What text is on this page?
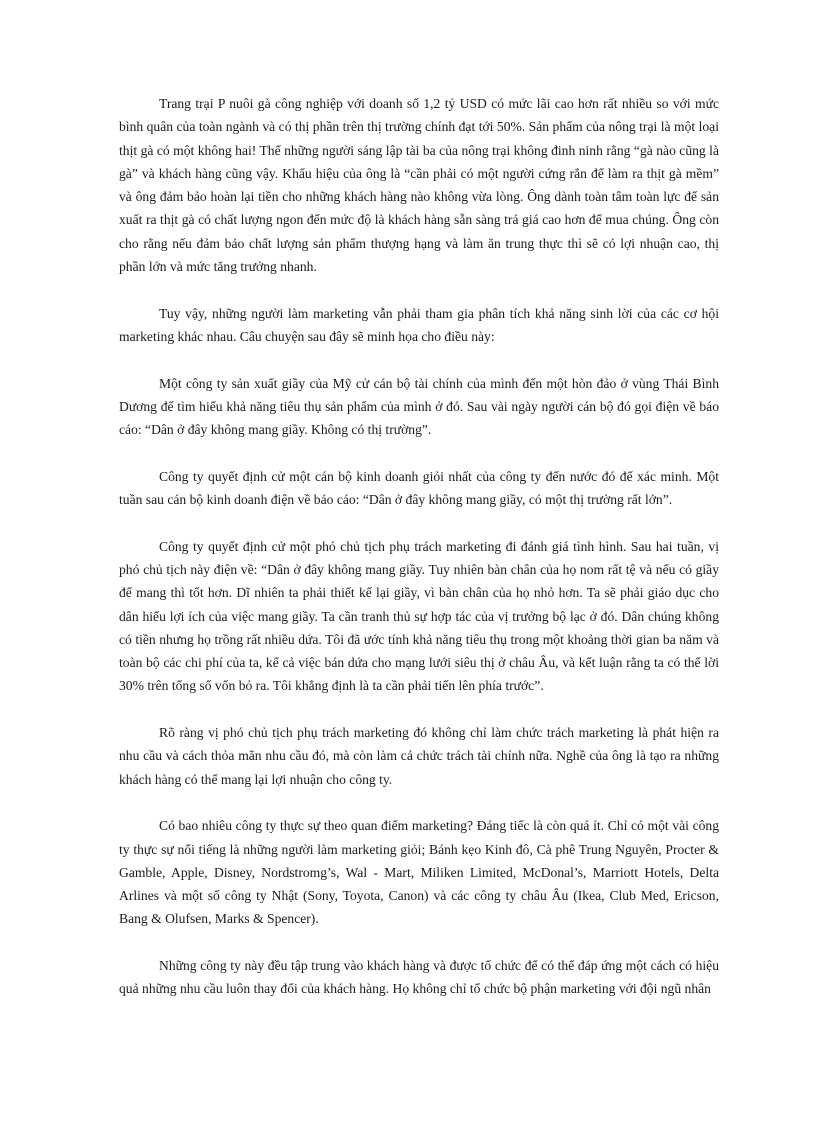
Trang trại P nuôi gà công nghiệp với doanh số 1,2 tỷ USD có mức lãi cao hơn rất nhiều so với mức bình quân của toàn ngành và có thị phần trên thị trường chính đạt tới 50%. Sản phẩm của nông trại là một loại thịt gà có một không hai! Thế những người sáng lập tài ba của nông trại không đinh ninh rằng “gà nào cũng là gà” và khách hàng cũng vậy. Khẩu hiệu của ông là “cần phải có một người cứng rắn để làm ra thịt gà mềm” và ông đảm bảo hoàn lại tiền cho những khách hàng nào không vừa lòng. Ông dành toàn tâm toàn lực để sản xuất ra thịt gà có chất lượng ngon đến mức độ là khách hàng sẵn sàng trả giá cao hơn để mua chúng. Ông còn cho rằng nếu đảm bảo chất lượng sản phẩm thượng hạng và làm ăn trung thực thì sẽ có lợi nhuận cao, thị phần lớn và mức tăng trưởng nhanh.

Tuy vậy, những người làm marketing vẫn phải tham gia phân tích khả năng sinh lời của các cơ hội marketing khác nhau. Câu chuyện sau đây sẽ minh họa cho điều này:

Một công ty sản xuất giầy của Mỹ cử cán bộ tài chính của mình đến một hòn đảo ở vùng Thái Bình Dương để tìm hiểu khả năng tiêu thụ sản phẩm của mình ở đó. Sau vài ngày người cán bộ đó gọi điện về báo cáo: “Dân ở đây không mang giầy. Không có thị trường”.

Công ty quyết định cử một cán bộ kinh doanh giỏi nhất của công ty đến nước đó để xác minh. Một tuần sau cán bộ kinh doanh điện về báo cáo: “Dân ở đây không mang giầy, có một thị trường rất lớn”.

Công ty quyết định cử một phó chủ tịch phụ trách marketing đi đánh giá tình hình. Sau hai tuần, vị phó chủ tịch này điện về: “Dân ở đây không mang giầy. Tuy nhiên bàn chân của họ nom rất tệ và nếu có giầy để mang thì tốt hơn. Dĩ nhiên ta phải thiết kế lại giầy, vì bàn chân của họ nhỏ hơn. Ta sẽ phải giáo dục cho dân hiểu lợi ích của việc mang giầy. Ta cần tranh thủ sự hợp tác của vị trưởng bộ lạc ở đó. Dân chúng không có tiền nhưng họ trồng rất nhiều dứa. Tôi đã ước tính khả năng tiêu thụ trong một khoảng thời gian ba năm và toàn bộ các chi phí của ta, kể cả việc bán dứa cho mạng lưới siêu thị ở châu Âu, và kết luận rằng ta có thể lời 30% trên tổng số vốn bỏ ra. Tôi khẳng định là ta cần phải tiến lên phía trước”.

Rõ ràng vị phó chủ tịch phụ trách marketing đó không chỉ làm chức trách marketing là phát hiện ra nhu cầu và cách thỏa mãn nhu cầu đó, mà còn làm cả chức trách tài chính nữa. Nghề của ông là tạo ra những khách hàng có thể mang lại lợi nhuận cho công ty.

Có bao nhiêu công ty thực sự theo quan điểm marketing? Đáng tiếc là còn quá ít. Chỉ có một vài công ty thực sự nổi tiếng là những người làm marketing giỏi; Bánh kẹo Kinh đô, Cà phê Trung Nguyên, Procter & Gamble, Apple, Disney, Nordstromg’s, Wal - Mart, Miliken Limited, McDonal’s, Marriott Hotels, Delta Arlines và một số công ty Nhật (Sony, Toyota, Canon) và các công ty châu Âu (Ikea, Club Med, Ericson, Bang & Olufsen, Marks & Spencer).

Những công ty này đều tập trung vào khách hàng và được tổ chức để có thể đáp ứng một cách có hiệu quả những nhu cầu luôn thay đổi của khách hàng. Họ không chỉ tổ chức bộ phận marketing với đội ngũ nhân
